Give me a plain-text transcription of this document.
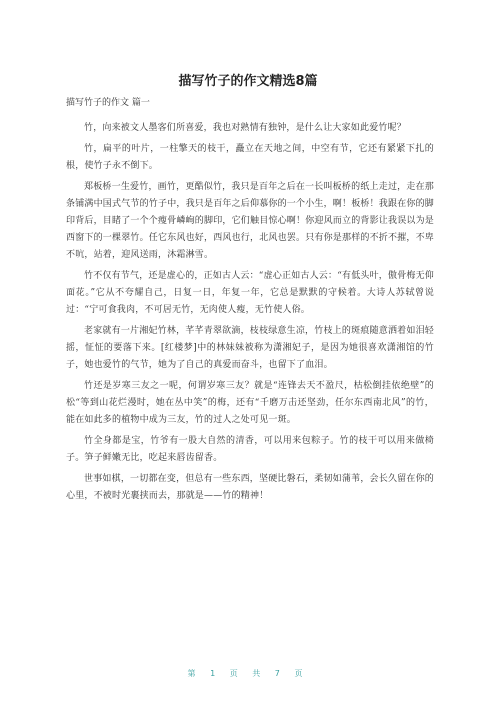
描写竹子的作文精选8篇

描写竹子的作文 篇一

竹，向来被文人墨客们所喜爱，我也对熟情有独钟，是什么让大家如此爱竹呢？

竹，扁平的叶片，一柱擎天的枝干，矗立在天地之间，中空有节，它还有紧紧下扎的根，使竹子永不倒下。

郑板桥一生爱竹，画竹，更酷似竹，我只是百年之后在一长叫板桥的纸上走过，走在那条铺满中国式气节的竹子中，我只是百年之后仰慕你的一个小生，啊！板桥！我跟在你的脚印背后，目睹了一个个瘦骨嶙峋的脚印，它们触目惊心啊！你迎风而立的背影让我误以为是西窗下的一棵翠竹。任它东风也好，西风也行，北风也罢。只有你是那样的不折不摧，不卑不吭，站着，迎风送雨，沐霜淋雪。

竹不仅有节气，还是虚心的，正如古人云：“虚心正如古人云：“有低头叶，傲骨梅无仰面花。”它从不夸耀自己，日复一日，年复一年，它总是默默的守候着。大诗人苏轼曾说过：“宁可食我肉，不可居无竹，无肉使人瘦，无竹使人俗。

老家就有一片湘妃竹林，芊芊青翠欲滴，枝枝绿意生凉，竹枝上的斑痕随意洒着如泪轻摇，怔怔的要落下来。[红楼梦]中的林妹妹被称为潇湘妃子，是因为她很喜欢潇湘馆的竹子，她也爱竹的气节，她为了自己的真爱而奋斗，也留下了血泪。

竹还是岁寒三友之一呢，何谓岁寒三友？就是“连锋去天不盈尺，枯松倒挂依绝壁”的松“等到山花烂漫时，她在丛中笑”的梅，还有“千磨万击还坚劲，任尔东西南北风”的竹，能在如此多的植物中成为三友，竹的过人之处可见一斑。

竹全身都是宝，竹爷有一股大自然的清香，可以用来包粽子。竹的枝干可以用来做椅子。笋子鲜嫩无比，吃起来唇齿留香。

世事如棋，一切都在变，但总有一些东西，坚硬比磐石，柔韧如蒲苇，会长久留在你的心里，不被时光裹挟而去，那就是——竹的精神！

第 1 页 共 7 页
